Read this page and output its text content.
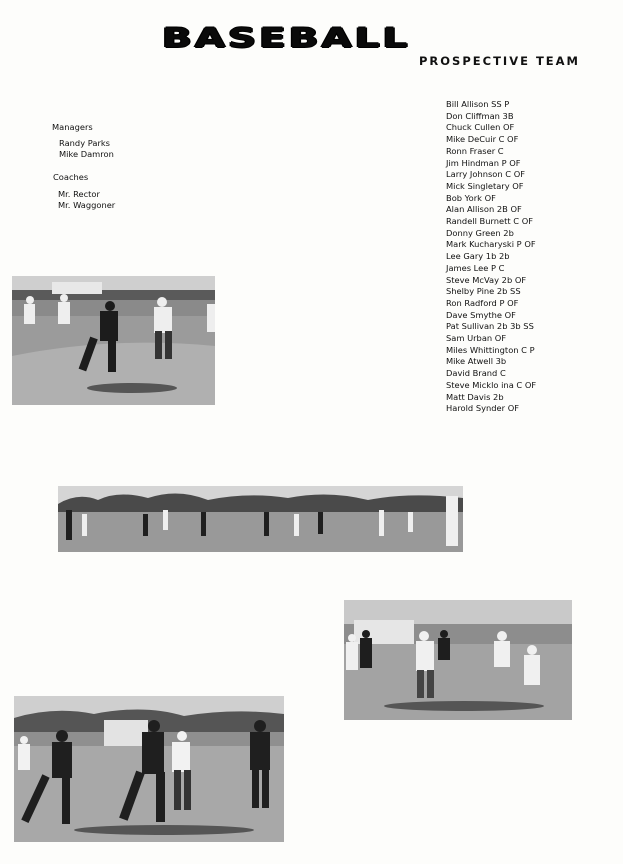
BASEBALL
PROSPECTIVE TEAM
Managers
Randy Parks
Mike Damron
Coaches
Mr. Rector
Mr. Waggoner
Bill Allison SS P
Don Cliffman 3B
Chuck Cullen OF
Mike DeCuir C OF
Ronn Fraser C
Jim Hindman P OF
Larry Johnson C OF
Mick Singletary OF
Bob York OF
Alan Allison 2B OF
Randell Burnett C OF
Donny Green 2b
Mark Kucharyski P OF
Lee Gary 1b 2b
James Lee P C
Steve McVay 2b OF
Shelby Pine 2b SS
Ron Radford P OF
Dave Smythe OF
Pat Sullivan 2b 3b SS
Sam Urban OF
Miles Whittington C P
Mike Atwell 3b
David Brand C
Steve Micklo ina C OF
Matt Davis 2b
Harold Synder OF
